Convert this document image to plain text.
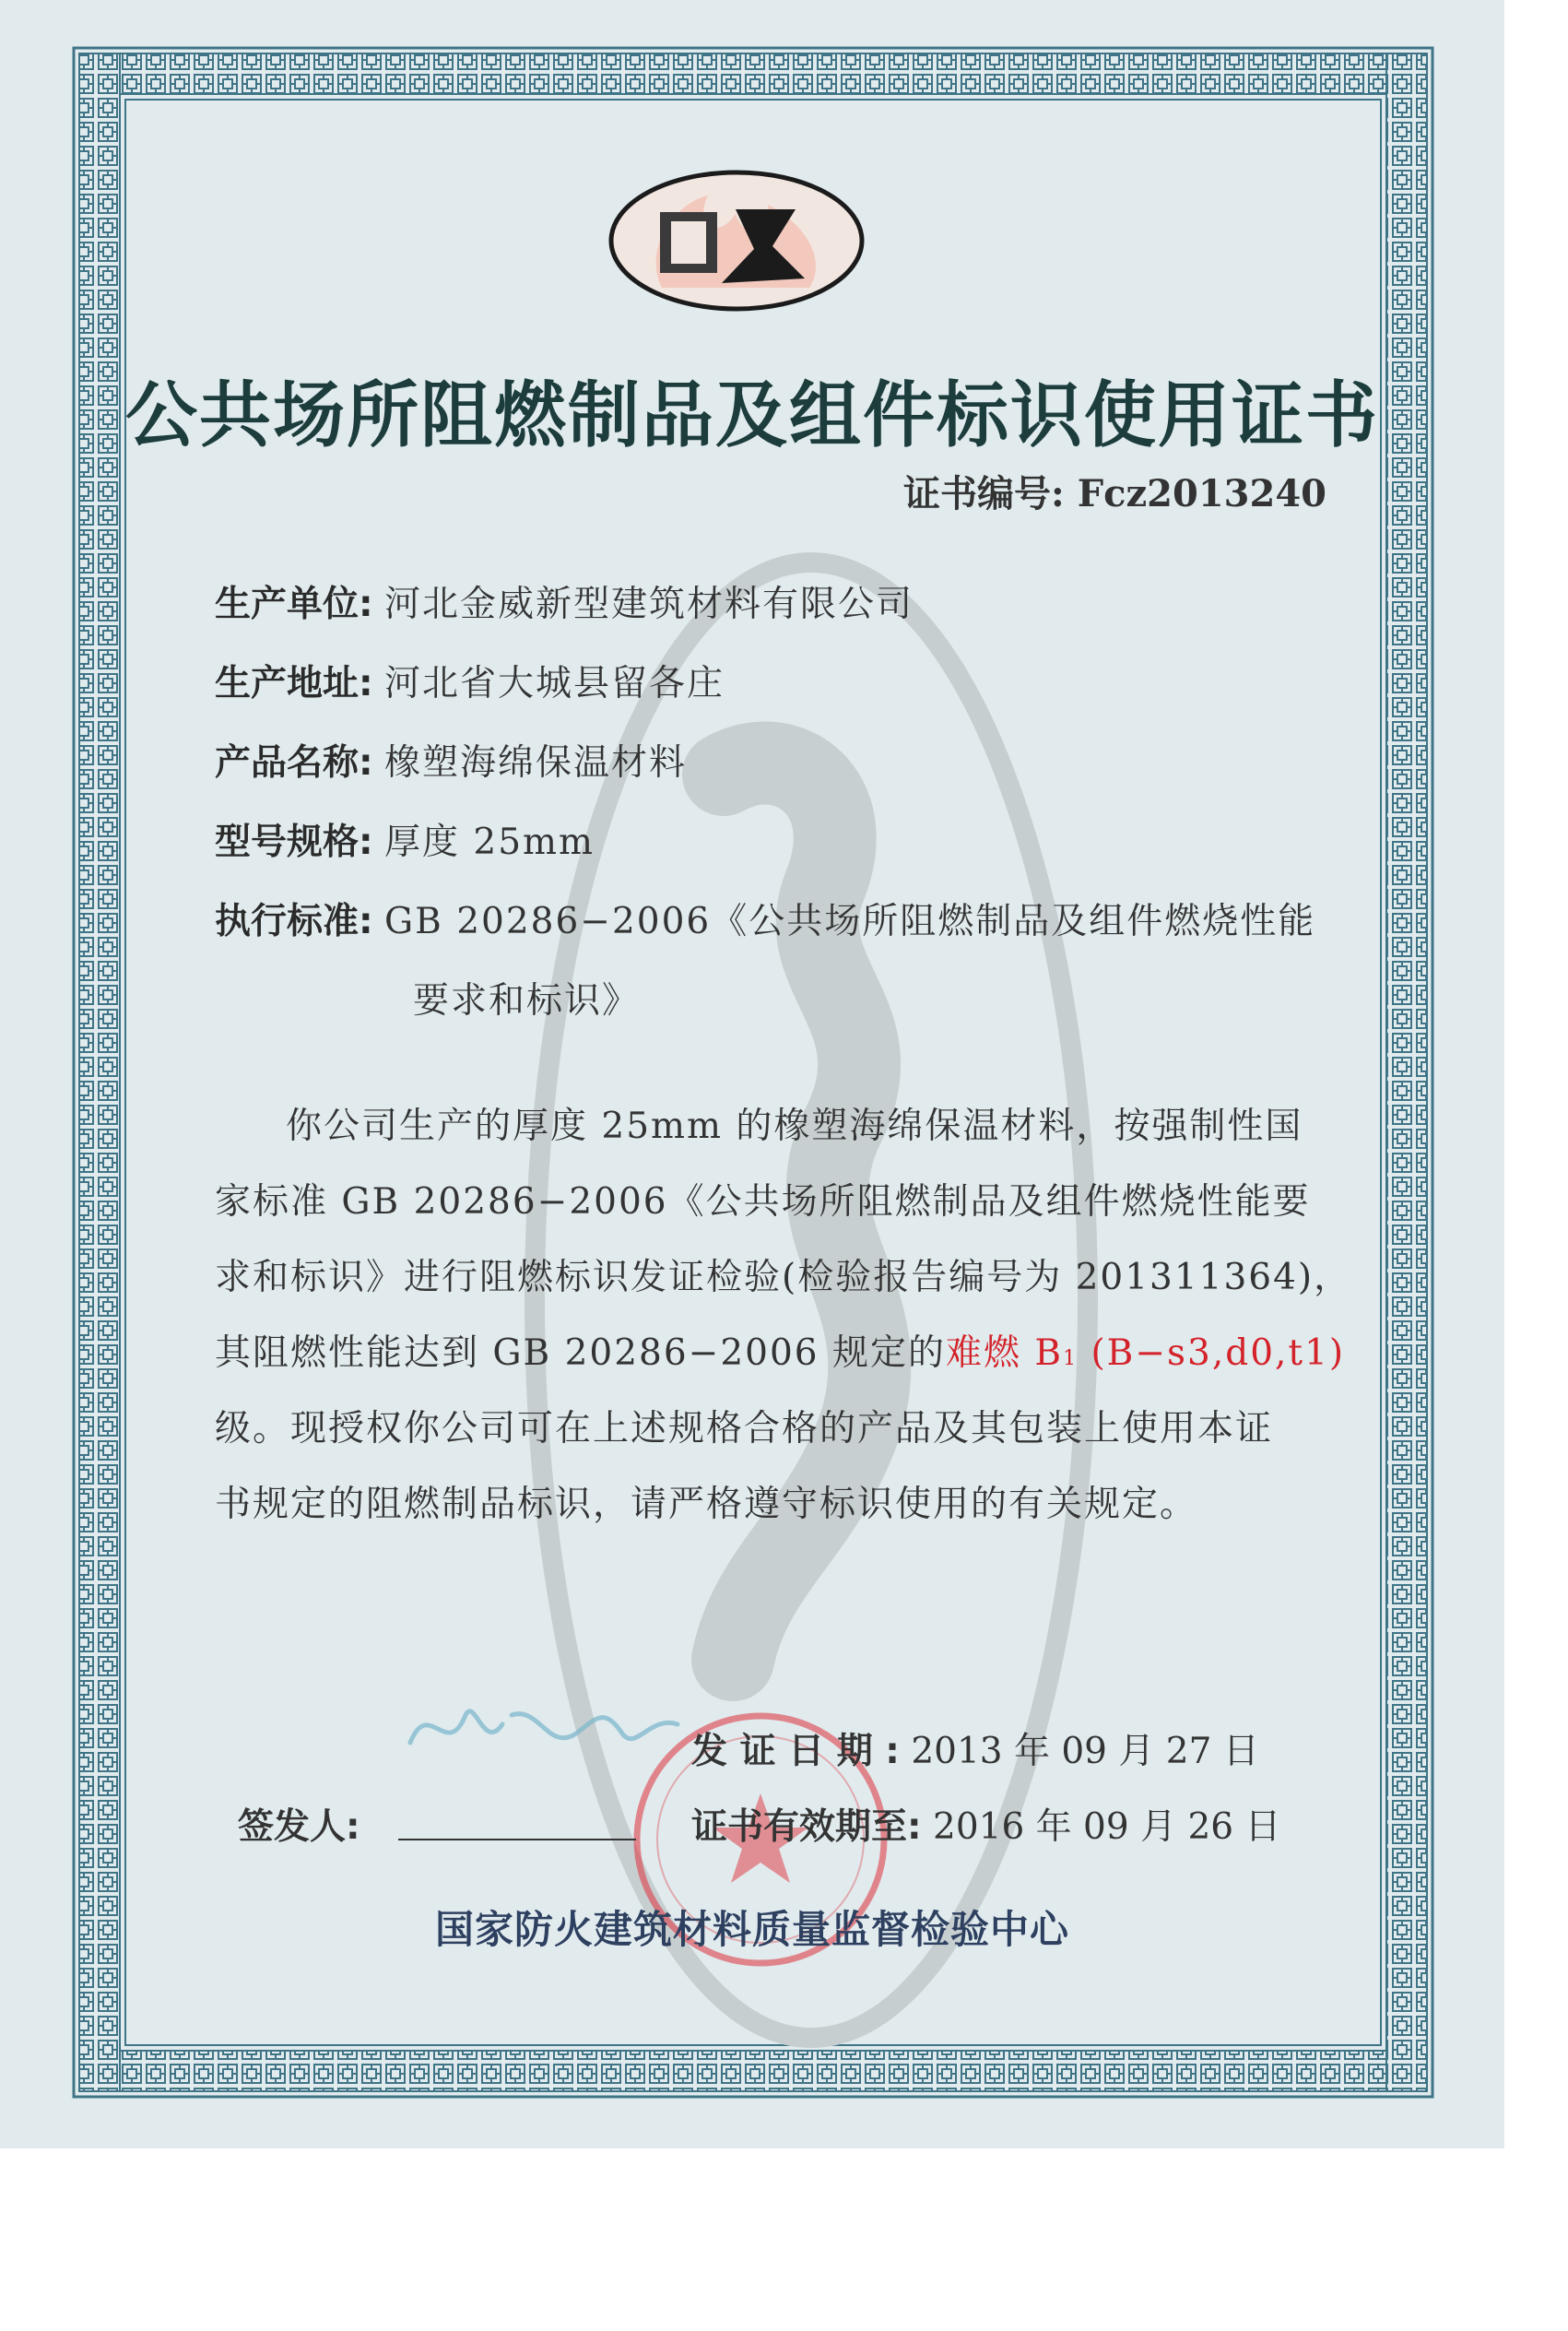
公共场所阻燃制品及组件标识使用证书
证书编号: Fcz2013240
生产单位: 河北金威新型建筑材料有限公司
生产地址: 河北省大城县留各庄
产品名称: 橡塑海绵保温材料
型号规格: 厚度 25mm
执行标准: GB 20286−2006《公共场所阻燃制品及组件燃烧性能
要求和标识》
你公司生产的厚度 25mm 的橡塑海绵保温材料，按强制性国
家标准 GB 20286−2006《公共场所阻燃制品及组件燃烧性能要
求和标识》进行阻燃标识发证检验(检验报告编号为 201311364)，
其阻燃性能达到 GB 20286−2006 规定的难燃 B1 (B−s3,d0,t1)
级。现授权你公司可在上述规格合格的产品及其包装上使用本证
书规定的阻燃制品标识，请严格遵守标识使用的有关规定。
发 证 日 期 : 2013 年 09 月 27 日
签发人:	证书有效期至: 2016 年 09 月 26 日
国家防火建筑材料质量监督检验中心
